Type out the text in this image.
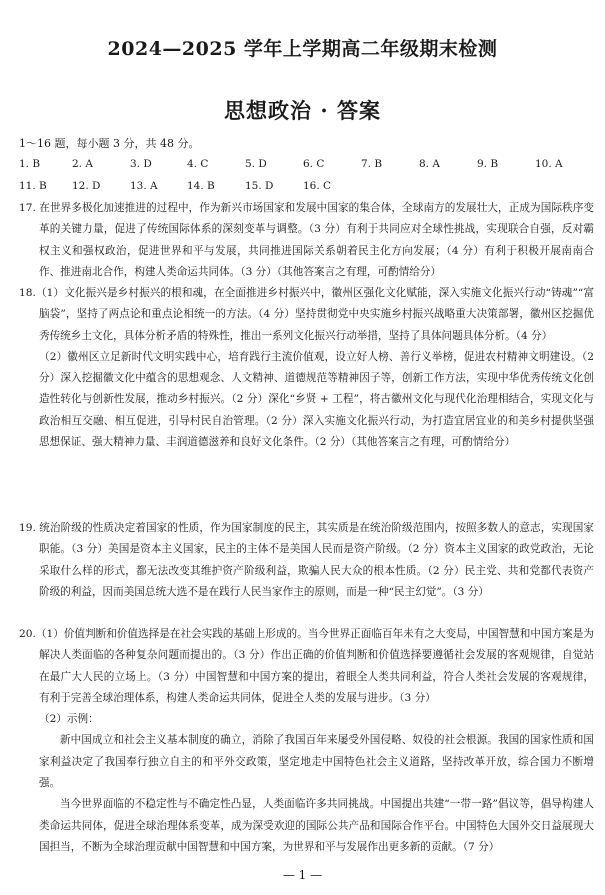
2024—2025 学年上学期高二年级期末检测
思想政治 · 答案
1～16 题，每小题 3 分，共 48 分。
1. B	2. A	3. D	4. C	5. D	6. C	7. B	8. A	9. B	10. A
11. B 12. D	13. A	14. B	15. D	16. C

17. 在世界多极化加速推进的过程中，作为新兴市场国家和发展中国家的集合体，全球南方的发展壮大，正成为国际秩序变革的关键力量，促进了传统国际体系的深刻变革与调整。（3 分）有利于共同应对全球性挑战，实现联合自强，反对霸权主义和强权政治，促进世界和平与发展，共同推进国际关系朝着民主化方向发展；（4 分）有利于积极开展南南合作、推进南北合作，构建人类命运共同体。（3 分）（其他答案言之有理，可酌情给分）

18.（1）文化振兴是乡村振兴的根和魂，在全面推进乡村振兴中，徽州区强化文化赋能，深入实施文化振兴行动“铸魂”“富脑袋”，坚持了两点论和重点论相统一的方法。（4 分）坚持贯彻党中央实施乡村振兴战略重大决策部署，徽州区挖掘优秀传统乡土文化，具体分析矛盾的特殊性，推出一系列文化振兴行动举措，坚持了具体问题具体分析。（4 分）

（2）徽州区立足新时代文明实践中心，培育践行主流价值观，设立好人榜、善行义举榜，促进农村精神文明建设。（2 分）深入挖掘徽文化中蕴含的思想观念、人文精神、道德规范等精神因子等，创新工作方法，实现中华优秀传统文化创造性转化与创新性发展，推动乡村振兴。（2 分）深化“乡贤 + 工程”，将古徽州文化与现代化治理相结合，实现文化与政治相互交融、相互促进，引导村民自治管理。（2 分）深入实施文化振兴行动，为打造宜居宜业的和美乡村提供坚强思想保证、强大精神力量、丰润道德滋养和良好文化条件。（2 分）（其他答案言之有理，可酌情给分）

19. 统治阶级的性质决定着国家的性质，作为国家制度的民主，其实质是在统治阶级范围内，按照多数人的意志，实现国家职能。（3 分）美国是资本主义国家，民主的主体不是美国人民而是资产阶级。（2 分）资本主义国家的政党政治，无论采取什么样的形式，都无法改变其维护资产阶级利益，欺骗人民大众的根本性质。（2 分）民主党、共和党都代表资产阶级的利益，因而美国总统大选不是在践行人民当家作主的原则，而是一种“民主幻觉”。（3 分）

20.（1）价值判断和价值选择是在社会实践的基础上形成的。当今世界正面临百年未有之大变局，中国智慧和中国方案是为解决人类面临的各种复杂问题而提出的。（3 分）作出正确的价值判断和价值选择要遵循社会发展的客观规律，自觉站在最广大人民的立场上。（3 分）中国智慧和中国方案的提出，着眼全人类共同利益，符合人类社会发展的客观规律，有利于完善全球治理体系，构建人类命运共同体，促进全人类的发展与进步。（3 分）

（2）示例：

新中国成立和社会主义基本制度的确立，消除了我国百年来屡受外国侵略、奴役的社会根源。我国的国家性质和国家利益决定了我国奉行独立自主的和平外交政策，坚定地走中国特色社会主义道路，坚持改革开放，综合国力不断增强。

当今世界面临的不稳定性与不确定性凸显，人类面临许多共同挑战。中国提出共建“一带一路”倡议等，倡导构建人类命运共同体，促进全球治理体系变革，成为深受欢迎的国际公共产品和国际合作平台。中国特色大国外交日益展现大国担当，不断为全球治理贡献中国智慧和中国方案，为世界和平与发展作出更多新的贡献。（7 分）

— 1 —
